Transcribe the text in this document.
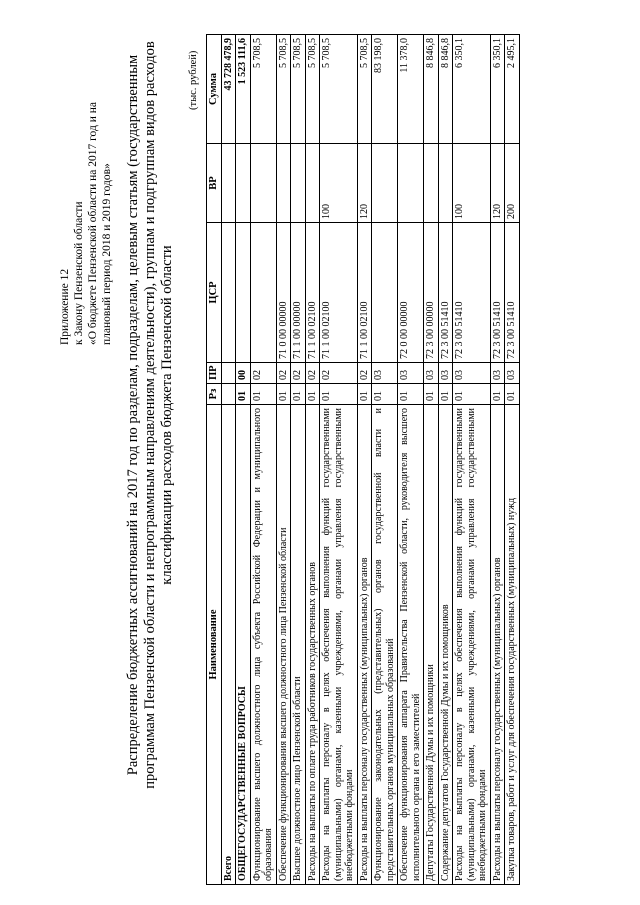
Приложение 12 к Закону Пензенской области «О бюджете Пензенской области на 2017 год и на плановый период 2018 и 2019 годов» Распределение бюджетных ассигнований на 2017 год по разделам, подразделам, целевым статьям (государственным программам Пензенской области и непрограммным направлениям деятельности), группам и подгруппам видов расходов классификации расходов бюджета Пензенской области
(тыс. рублей)
Наименование	Рз	ПР	ЦСР	ВР	Сумма
Всего					43 728 478,9
ОБЩЕГОСУДАРСТВЕННЫЕ ВОПРОСЫ	01	00			1 523 111,6
Функционирование высшего должностного лица субъекта Российской Федерации и муниципального образования	01	02			5 708,5
Обеспечение функционирования высшего должностного лица Пензенской области	01	02	71 0 00 00000		5 708,5
Высшее должностное лицо Пензенской области	01	02	71 1 00 00000		5 708,5
Расходы на выплаты по оплате труда работников государственных органов	01	02	71 1 00 02100		5 708,5
Расходы на выплаты персоналу в целях обеспечения выполнения функций государственными (муниципальными) органами, казенными учреждениями, органами управления государственными внебюджетными фондами	01	02	71 1 00 02100	100	5 708,5
Расходы на выплаты персоналу государственных (муниципальных) органов	01	02	71 1 00 02100	120	5 708,5
Функционирование законодательных (представительных) органов государственной власти и представительных органов муниципальных образований	01	03			83 198,0
Обеспечение функционирования аппарата Правительства Пензенской области, руководителя высшего исполнительного органа и его заместителей	01	03	72 0 00 00000		11 378,0
Депутаты Государственной Думы и их помощники	01	03	72 3 00 00000		8 846,8
Содержание депутатов Государственной Думы и их помощников	01	03	72 3 00 51410		8 846,8
Расходы на выплаты персоналу в целях обеспечения выполнения функций государственными (муниципальными) органами, казенными учреждениями, органами управления государственными внебюджетными фондами	01	03	72 3 00 51410	100	6 350,1
Расходы на выплаты персоналу государственных (муниципальных) органов	01	03	72 3 00 51410	120	6 350,1
Закупка товаров, работ и услуг для обеспечения государственных (муниципальных) нужд	01	03	72 3 00 51410	200	2 495,1
